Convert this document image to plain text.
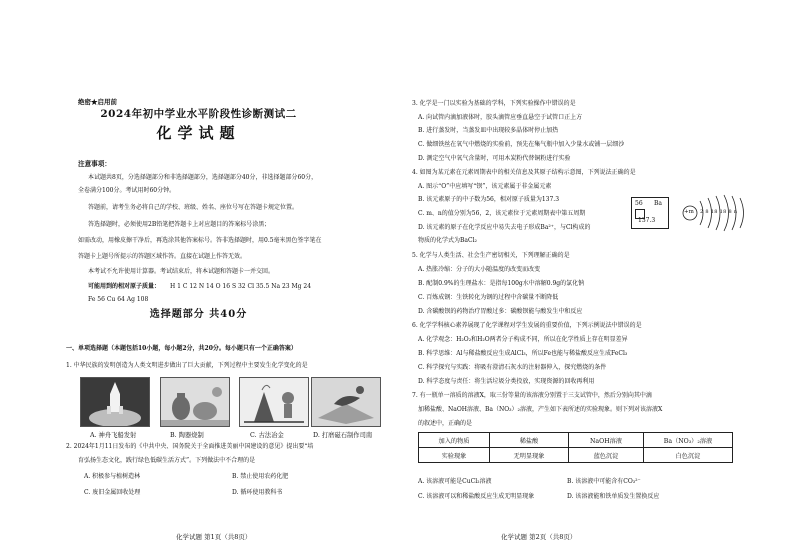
绝密★启用前
2024年初中学业水平阶段性诊断测试二
化学试题
注意事项：
本试题共8页，分选择题部分和非选择题部分，选择题部分40分，非选择题部分60分，
全卷满分100分。考试用时60分钟。
答题前，请考生务必将自己的学校、班级、姓名、座位号写在答题卡规定位置。
答选择题时，必须使用2B铅笔把答题卡上对应题目的答案标号涂黑；
如需改动，用橡皮擦干净后，再选涂其他答案标号。答非选择题时，用0.5毫米黑色签字笔在
答题卡上题号所提示的答题区域作答。直接在试题上作答无效。
本考试不允许使用计算器。考试结束后，将本试题和答题卡一并交回。
可能用到的相对原子质量： H 1 C 12 N 14 O 16 S 32 Cl 35.5 Na 23 Mg 24
Fe 56 Cu 64 Ag 108
选择题部分 共40分
一、单项选择题（本题包括10小题，每小题2分，共20分。每小题只有一个正确答案）
1. 中华民族的发明创造为人类文明进步做出了巨大贡献，下列过程中主要发生化学变化的是
A. 神舟飞船发射	B. 陶器烧制	C. 古法冶金	D. 打磨磁石制作司南
2. 2024年1月11日发布的《中共中央、国务院关于全面推进美丽中国建设的意见》提出要“培
育弘扬生态文化，践行绿色低碳生活方式”。下列做法中不合理的是
A. 积极参与植树造林	B. 禁止使用农药化肥
C. 废旧金属回收处理	D. 循环使用教科书
化学试题 第1页（共8页）
3. 化学是一门以实验为基础的学科，下列实验操作中错误的是
A. 向试管内滴加液体时，胶头滴管应垂直悬空于试管口正上方
B. 进行蒸发时，当蒸发皿中出现较多晶体时停止加热
C. 做细铁丝在氧气中燃烧的实验前，预先在集气瓶中加入少量水或铺一层细沙
D. 测定空气中氧气含量时，可用木炭粉代替铜粉进行实验
4. 如图为某元素在元素周期表中的相关信息及其原子结构示意图，下列说法正确的是
A. 图示“O”中应填写“钡”，该元素属于非金属元素
B. 该元素原子的中子数为56，相对原子质量为137.3
C. m、n的值分别为56，2，该元素位于元素周期表中第五周期
D. 该元素的原子在化学反应中易失去电子形成Ba²⁺，与Cl构成的
物质的化学式为BaCl₂
56 Ba
137.3
+m 2 8 18 18 8 n
5. 化学与人类生活、社会生产密切相关，下列理解正确的是
A. 热胀冷缩：分子的大小随温度的改变而改变
B. 配制0.9%的生理盐水：是指每100g水中溶解0.9g的氯化钠
C. 百炼成钢：生铁转化为钢的过程中含碳量不断降低
D. 含碳酸钡的药物治疗胃酸过多：碳酸钡能与酸发生中和反应
6. 化学学科核心素养展现了化学课程对学生发展的重要价值，下列示例说法中错误的是
A. 化学观念：H₂O₂和H₂O两者分子构成不同，所以在化学性质上存在明显差异
B. 科学思维：Al与稀盐酸反应生成AlCl₃，所以Fe也能与稀盐酸反应生成FeCl₃
C. 科学探究与实践：将吸有澄清石灰水的注射器伸入，探究燃烧的条件
D. 科学态度与责任：将生活垃圾分类投放，实现资源的回收再利用
7. 有一瓶单一溶质的溶液X，取三份等量的该溶液分别置于三支试管中，然后分别向其中滴
加稀盐酸、NaOH溶液、Ba（NO₃）₂溶液，产生如下表所述的实验现象。则下列对该溶液X
的叙述中，正确的是
加入的物质	稀盐酸	NaOH溶液	Ba（NO₃）₂溶液
实验现象	无明显现象	蓝色沉淀	白色沉淀
A. 该溶液可能是CuCl₂溶液	B. 该溶液中可能含有CO₃²⁻
C. 该溶液可以和稀盐酸反应生成无明显现象	D. 该溶液能和铁单质发生置换反应
化学试题 第2页（共8页）
